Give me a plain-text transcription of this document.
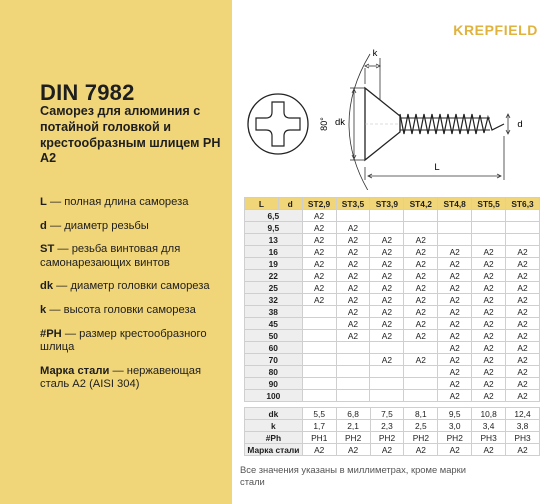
DIN 7982
Саморез для алюминия с потайной головкой и крестообразным шлицем PH A2
L — полная длина самореза
d — диаметр резьбы
ST — резьба винтовая для самонарезающих винтов
dk — диаметр головки самореза
k — высота головки самореза
#PH — размер крестообразного шлица
Марка стали — нержавеющая сталь A2 (AISI 304)
KREPFIELD
k
dk
80°	d
L
L	d	ST2,9	ST3,5	ST3,9	ST4,2	ST4,8	ST5,5	ST6,3
6,5		A2						
9,5		A2	A2					
13		A2	A2	A2	A2			
16		A2	A2	A2	A2	A2	A2	A2
19		A2	A2	A2	A2	A2	A2	A2
22		A2	A2	A2	A2	A2	A2	A2
25		A2	A2	A2	A2	A2	A2	A2
32		A2	A2	A2	A2	A2	A2	A2
38			A2	A2	A2	A2	A2	A2
45			A2	A2	A2	A2	A2	A2
50			A2	A2	A2	A2	A2	A2
60						A2	A2	A2
70				A2	A2	A2	A2	A2
80						A2	A2	A2
90						A2	A2	A2
100						A2	A2	A2
dk	5,5	6,8	7,5	8,1	9,5	10,8	12,4
k	1,7	2,1	2,3	2,5	3,0	3,4	3,8
#Ph	PH1	PH2	PH2	PH2	PH2	PH3	PH3
Марка стали	A2	A2	A2	A2	A2	A2	A2
Все значения указаны в миллиметрах, кроме марки стали
